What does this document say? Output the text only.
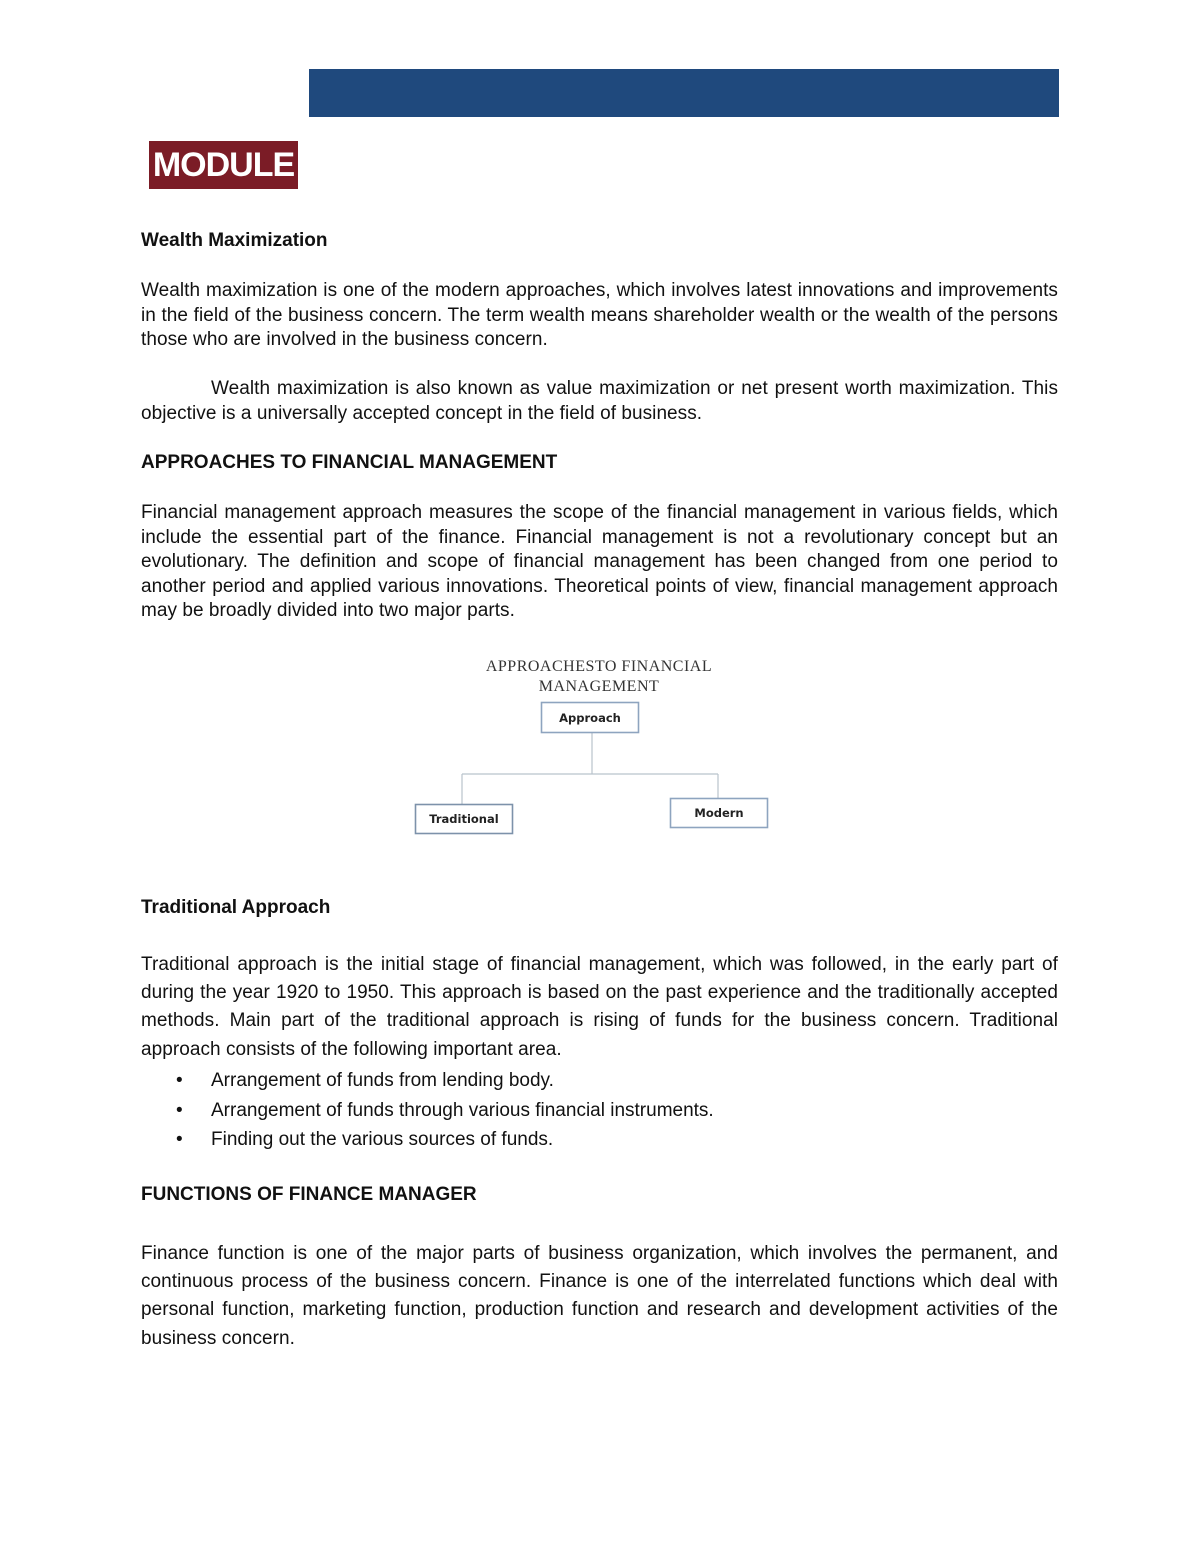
MODULE
Wealth Maximization

Wealth maximization is one of the modern approaches, which involves latest innovations and improvements in the field of the business concern. The term wealth means shareholder wealth or the wealth of the persons those who are involved in the business concern.

Wealth maximization is also known as value maximization or net present worth maximization. This objective is a universally accepted concept in the field of business.

APPROACHES TO FINANCIAL MANAGEMENT

Financial management approach measures the scope of the financial management in various fields, which include the essential part of the finance. Financial management is not a revolutionary concept but an evolutionary. The definition and scope of financial management has been changed from one period to another period and applied various innovations. Theoretical points of view, financial management approach may be broadly divided into two major parts.

Traditional Approach

Traditional approach is the initial stage of financial management, which was followed, in the early part of during the year 1920 to 1950. This approach is based on the past experience and the traditionally accepted methods. Main part of the traditional approach is rising of funds for the business concern. Traditional approach consists of the following important area.

• Arrangement of funds from lending body.
• Arrangement of funds through various financial instruments.
• Finding out the various sources of funds.
FUNCTIONS OF FINANCE MANAGER

Finance function is one of the major parts of business organization, which involves the permanent, and continuous process of the business concern. Finance is one of the interrelated functions which deal with personal function, marketing function, production function and research and development activities of the business concern.

APPROACHESTO FINANCIAL
MANAGEMENT
Approach
Traditional	Modern
